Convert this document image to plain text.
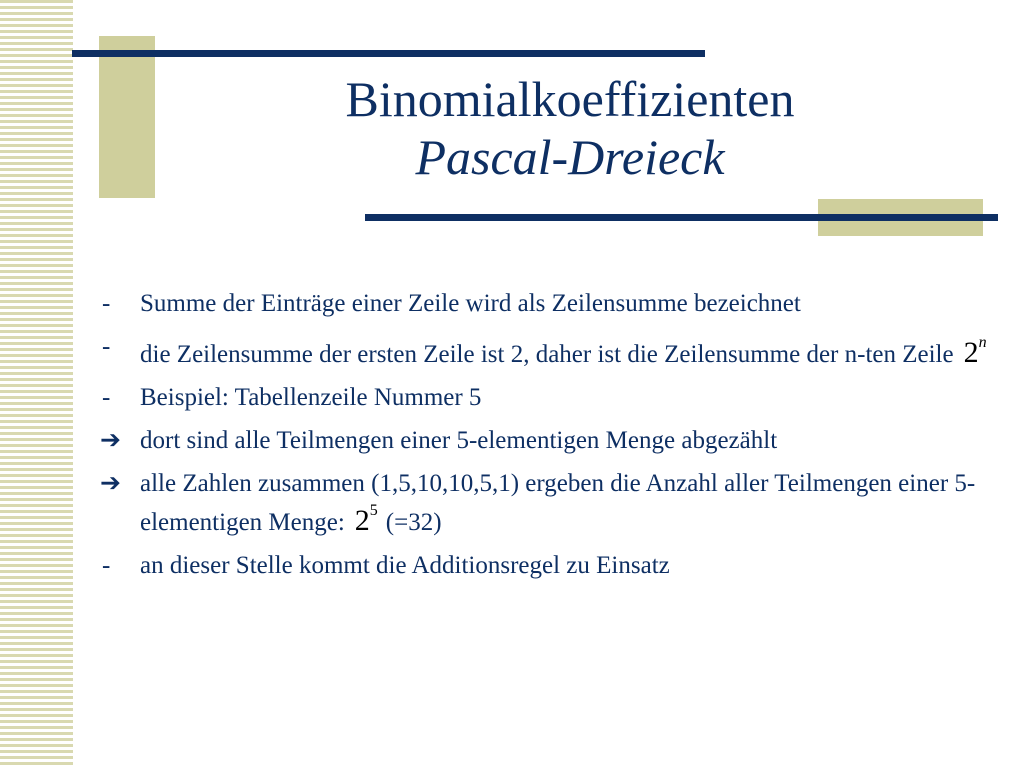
Binomialkoeffizienten
Pascal-Dreieck
-	Summe der Einträge einer Zeile wird als Zeilensumme bezeichnet
-	die Zeilensumme der ersten Zeile ist 2, daher ist die Zeilensumme der n-ten Zeile 2$^n$
-	Beispiel: Tabellenzeile Nummer 5
➔ dort sind alle Teilmengen einer 5-elementigen Menge abgezählt
➔ alle Zahlen zusammen (1,5,10,10,5,1) ergeben die Anzahl aller Teilmengen einer 5-elementigen Menge: $2^5$ (=32)
-	an dieser Stelle kommt die Additionsregel zu Einsatz
